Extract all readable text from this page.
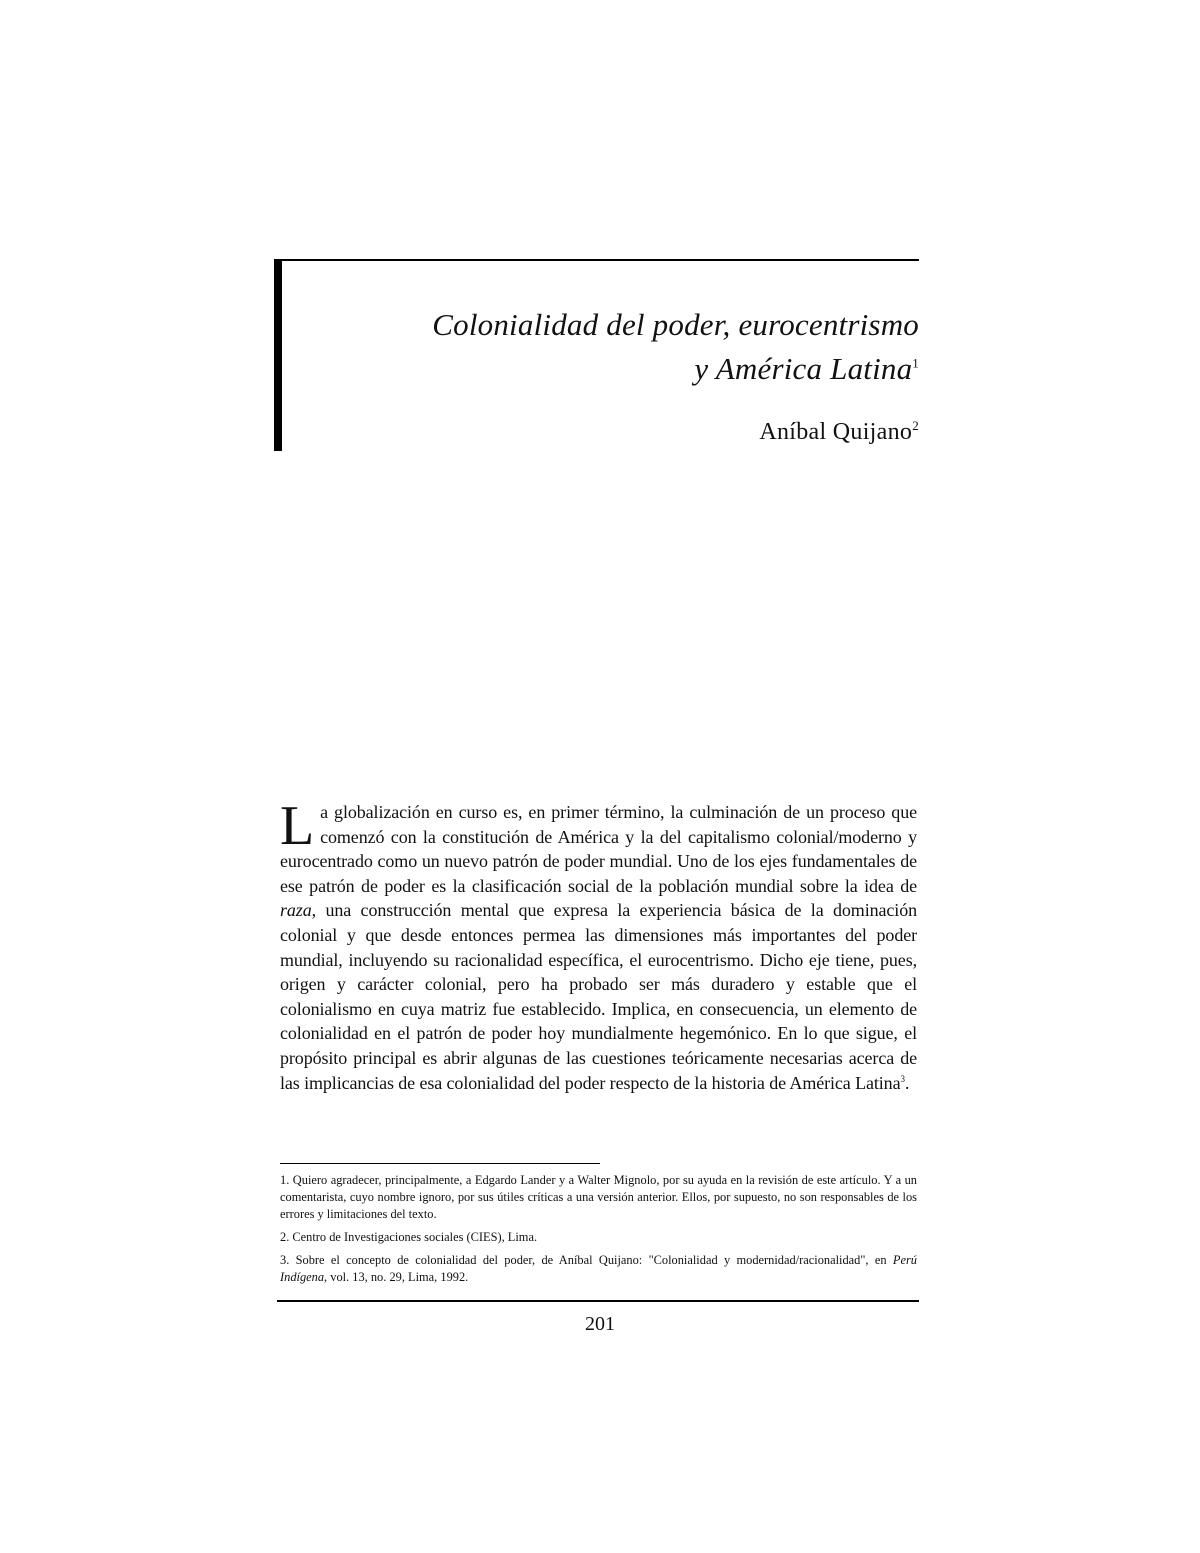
Colonialidad del poder, eurocentrismo
y América Latina$^1$
Aníbal Quijano$^2$
La globalización en curso es, en primer término, la culminación de un proceso que comenzó con la constitución de América y la del capitalismo colonial/moderno y eurocentrado como un nuevo patrón de poder mundial. Uno de los ejes fundamentales de ese patrón de poder es la clasificación social de la población mundial sobre la idea de raza, una construcción mental que expresa la experiencia básica de la dominación colonial y que desde entonces permea las dimensiones más importantes del poder mundial, incluyendo su racionalidad específica, el eurocentrismo. Dicho eje tiene, pues, origen y carácter colonial, pero ha probado ser más duradero y estable que el colonialismo en cuya matriz fue establecido. Implica, en consecuencia, un elemento de colonialidad en el patrón de poder hoy mundialmente hegemónico. En lo que sigue, el propósito principal es abrir algunas de las cuestiones teóricamente necesarias acerca de las implicancias de esa colonialidad del poder respecto de la historia de América Latina$^3$.

1. Quiero agradecer, principalmente, a Edgardo Lander y a Walter Mignolo, por su ayuda en la revisión de este artículo. Y a un comentarista, cuyo nombre ignoro, por sus útiles críticas a una versión anterior. Ellos, por supuesto, no son responsables de los errores y limitaciones del texto.

2. Centro de Investigaciones sociales (CIES), Lima.

3. Sobre el concepto de colonialidad del poder, de Aníbal Quijano: "Colonialidad y modernidad/racionalidad", en Perú Indígena, vol. 13, no. 29, Lima, 1992.

201
